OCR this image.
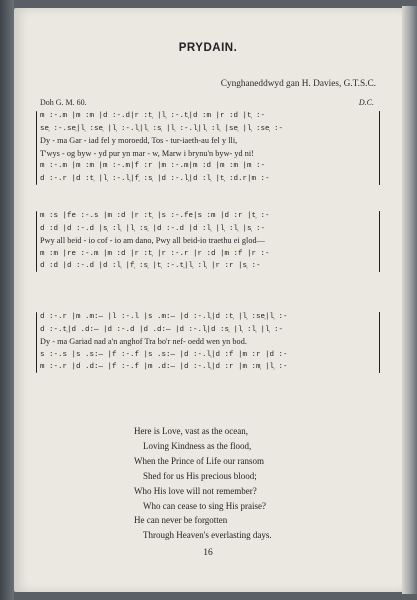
PRYDAIN.
Cynghaneddwyd gan H. Davies, G.T.S.C.
Doh G. M. 60.	D.C.
m :-.m |m :m |d :-.d|r :t̩ |l̩ :-.t̩|d :m |r :d |t̩ :-
se̩ :-.se̩|l̩ :se̩ |l̩ :-.l̩|l̩ :s̩ |l̩ :-.l̩|l̩ :l̩ |se̩ |l̩ :se̩ :-
Dy - ma Gar - iad fel y moroedd, Tos - tur-iaeth-au fel y lli,
T'wys - og byw - yd pur yn mar - w, Marw i brynu'n byw- yd ni!
m :-.m |m :m |m :-.m|f :r |m :-.m|m :d |m :m |m :-
d :-.r |d :t̩ |l̩ :-.l̩|f̩ :s̩ |d :-.l̩|d :l̩ |t̩ :d.r|m :-
m :s |fe :-.s |m :d |r :t̩ |s :-.fe|s :m |d :r |t̩ :-
d :d |d :-.d |s̩ :l̩ |l̩ :s̩ |d :-.d |d :l̩ |l̩ :l̩ |s̩ :-
Pwy all beid - io cof - io am dano, Pwy all beid-io traethu ei glod—
m :m |re :-.m |m :d |r :t̩ |r :-.r |r :d |m :f |r :-
d :d |d :-.d |d :l̩ |f̩ :s̩ |t̩ :-.t̩|l̩ :l̩ |r :r |s̩ :-
d :-.r |m .m:— |l :-.l |s .m:— |d :-.l̩|d :t̩ |l̩ :se̩|l̩ :-
d :-.t̩|d .d:— |d :-.d |d .d:— |d :-.l̩|d :s̩ |l̩ :l̩ |l̩ :-
Dy - ma Gariad nad a'n anghof Tra bo'r nef- oedd wen yn bod.
s :-.s |s .s:— |f :-.f |s .s:— |d :-.l̩|d :f |m :r |d :-
m :-.r |d .d:— |f :-.f |m .d:— |d :-.l̩|d :r |m :m̩ |l̩ :-
Here is Love, vast as the ocean,
Loving Kindness as the flood,
When the Prince of Life our ransom
Shed for us His precious blood;
Who His love will not remember?
Who can cease to sing His praise?
He can never be forgotten
Through Heaven's everlasting days.
16
